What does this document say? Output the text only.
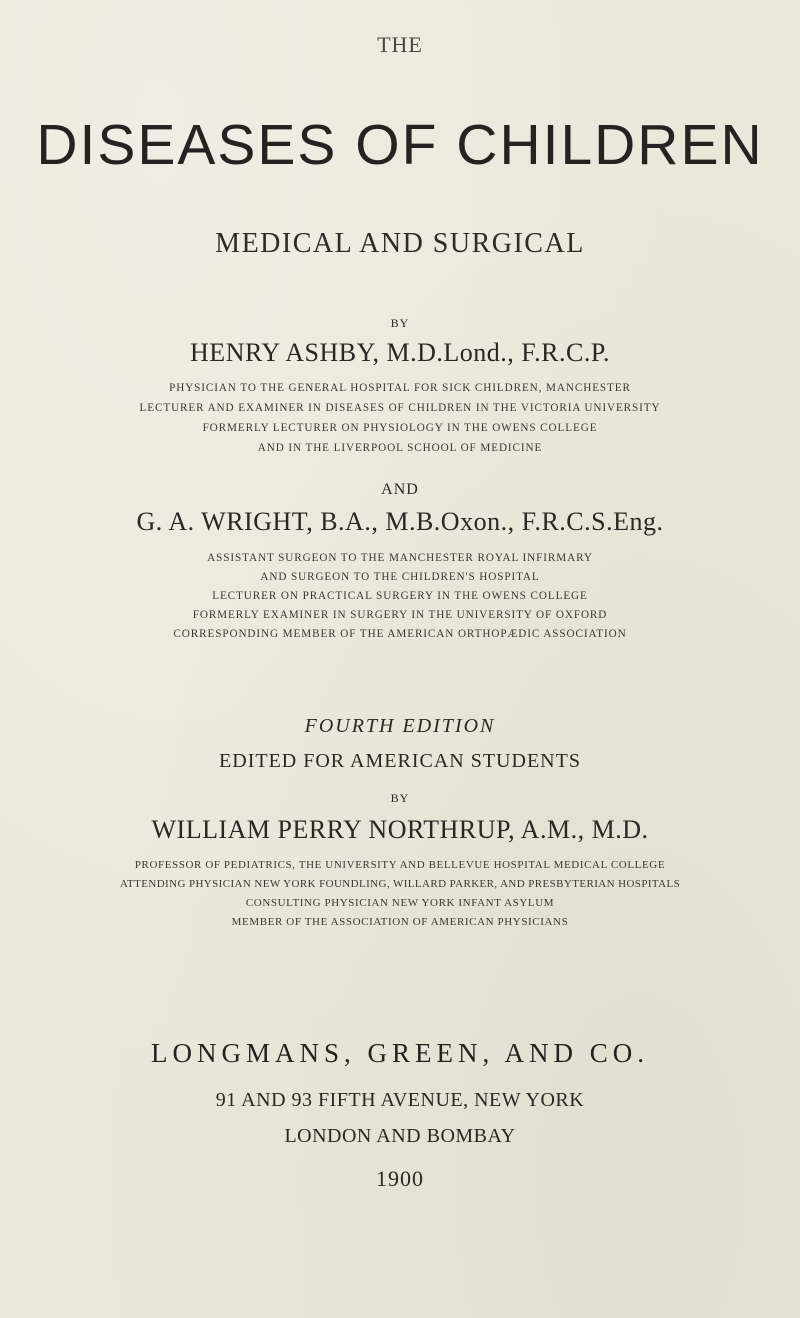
THE

DISEASES OF CHILDREN

MEDICAL AND SURGICAL

BY

HENRY ASHBY, M.D.Lond., F.R.C.P.

PHYSICIAN TO THE GENERAL HOSPITAL FOR SICK CHILDREN, MANCHESTER

LECTURER AND EXAMINER IN DISEASES OF CHILDREN IN THE VICTORIA UNIVERSITY

FORMERLY LECTURER ON PHYSIOLOGY IN THE OWENS COLLEGE

AND IN THE LIVERPOOL SCHOOL OF MEDICINE

AND

G. A. WRIGHT, B.A., M.B.Oxon., F.R.C.S.Eng.

ASSISTANT SURGEON TO THE MANCHESTER ROYAL INFIRMARY

AND SURGEON TO THE CHILDREN'S HOSPITAL

LECTURER ON PRACTICAL SURGERY IN THE OWENS COLLEGE

FORMERLY EXAMINER IN SURGERY IN THE UNIVERSITY OF OXFORD

CORRESPONDING MEMBER OF THE AMERICAN ORTHOPÆDIC ASSOCIATION

FOURTH EDITION

EDITED FOR AMERICAN STUDENTS

BY

WILLIAM PERRY NORTHRUP, A.M., M.D.

PROFESSOR OF PEDIATRICS, THE UNIVERSITY AND BELLEVUE HOSPITAL MEDICAL COLLEGE

ATTENDING PHYSICIAN NEW YORK FOUNDLING, WILLARD PARKER, AND PRESBYTERIAN HOSPITALS

CONSULTING PHYSICIAN NEW YORK INFANT ASYLUM

MEMBER OF THE ASSOCIATION OF AMERICAN PHYSICIANS

LONGMANS, GREEN, AND CO.

91 AND 93 FIFTH AVENUE, NEW YORK

LONDON AND BOMBAY

1900
